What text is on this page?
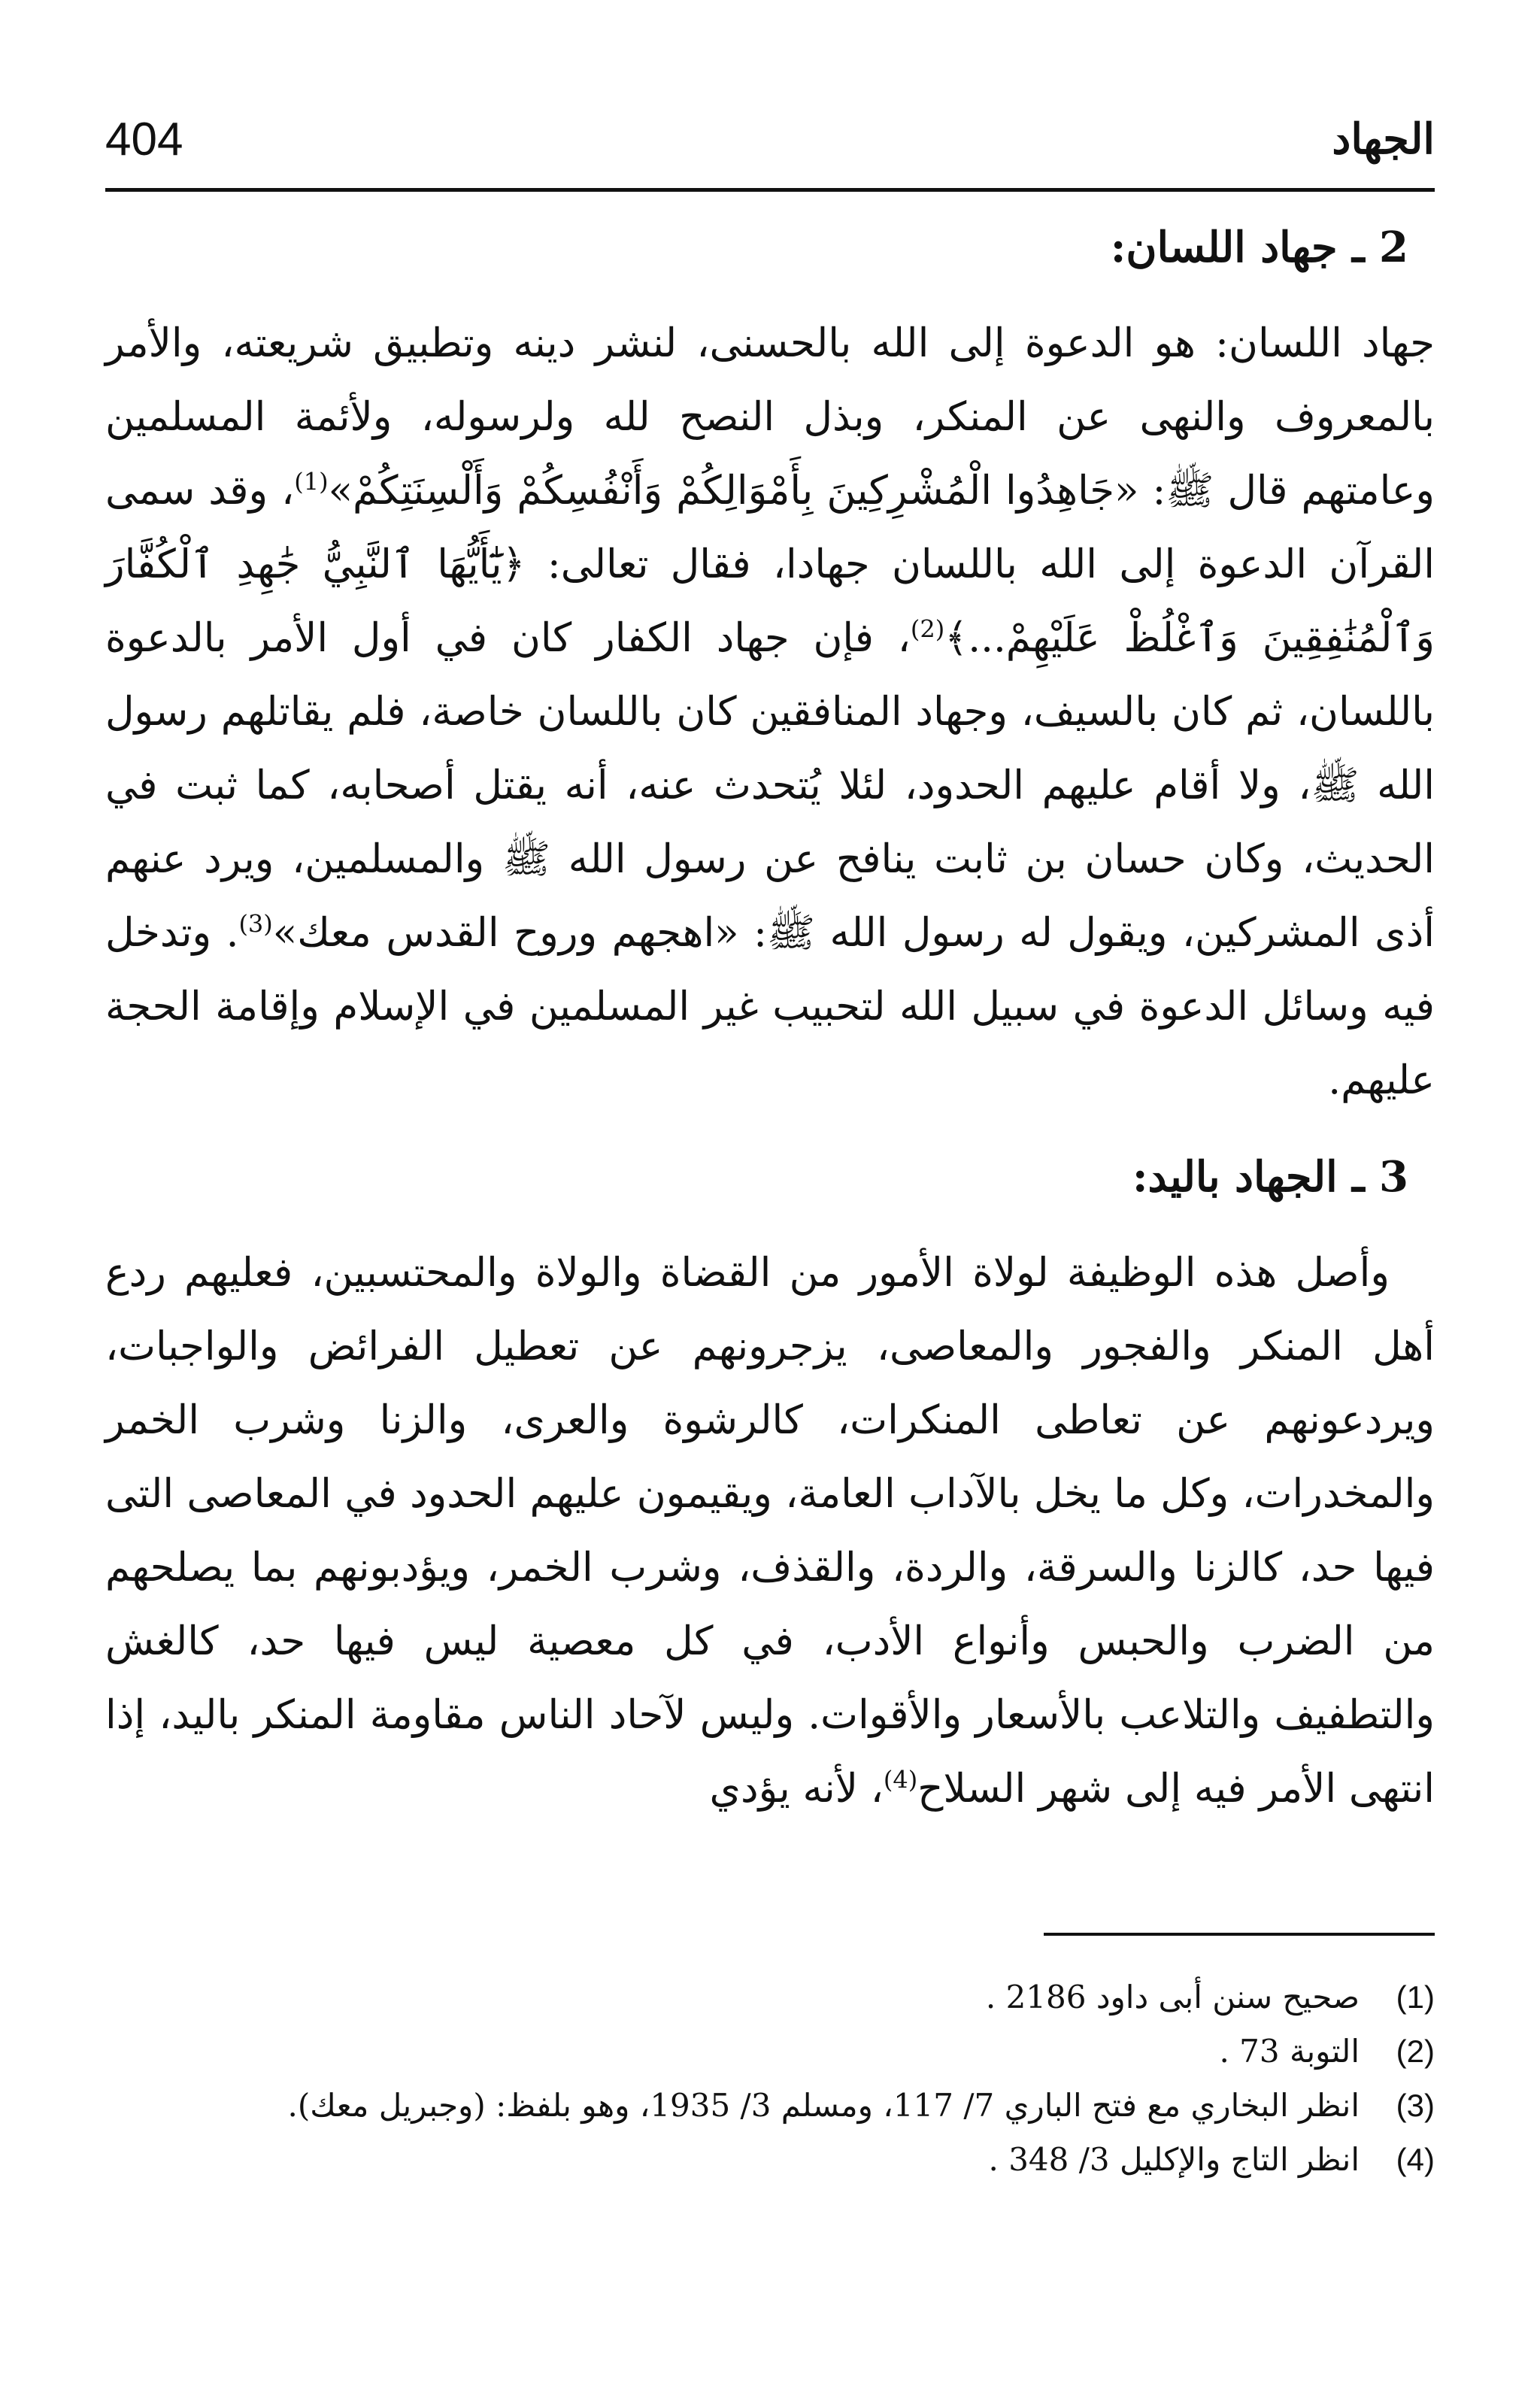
404	الجهاد
2 ـ جهاد اللسان:

جهاد اللسان: هو الدعوة إلى الله بالحسنى، لنشر دينه وتطبيق شريعته، والأمر بالمعروف والنهى عن المنكر، وبذل النصح لله ولرسوله، ولأئمة المسلمين وعامتهم قال ﷺ: «جَاهِدُوا الْمُشْرِكِينَ بِأَمْوَالِكُمْ وَأَنْفُسِكُمْ وَأَلْسِنَتِكُمْ»$^{(1)}$، وقد سمى القرآن الدعوة إلى الله باللسان جهادا، فقال تعالى: ﴿يَٰٓأَيُّهَا ٱلنَّبِيُّ جَٰهِدِ ٱلْكُفَّارَ وَٱلْمُنَٰفِقِينَ وَٱغْلُظْ عَلَيْهِمْ...﴾$^{(2)}$، فإن جهاد الكفار كان في أول الأمر بالدعوة باللسان، ثم كان بالسيف، وجهاد المنافقين كان باللسان خاصة، فلم يقاتلهم رسول الله ﷺ، ولا أقام عليهم الحدود، لئلا يُتحدث عنه، أنه يقتل أصحابه، كما ثبت في الحديث، وكان حسان بن ثابت ينافح عن رسول الله ﷺ والمسلمين، ويرد عنهم أذى المشركين، ويقول له رسول الله ﷺ: «اهجهم وروح القدس معك»$^{(3)}$. وتدخل فيه وسائل الدعوة في سبيل الله لتحبيب غير المسلمين في الإسلام وإقامة الحجة عليهم.

3 ـ الجهاد باليد:

وأصل هذه الوظيفة لولاة الأمور من القضاة والولاة والمحتسبين، فعليهم ردع أهل المنكر والفجور والمعاصى، يزجرونهم عن تعطيل الفرائض والواجبات، ويردعونهم عن تعاطى المنكرات، كالرشوة والعرى، والزنا وشرب الخمر والمخدرات، وكل ما يخل بالآداب العامة، ويقيمون عليهم الحدود في المعاصى التى فيها حد، كالزنا والسرقة، والردة، والقذف، وشرب الخمر، ويؤدبونهم بما يصلحهم من الضرب والحبس وأنواع الأدب، في كل معصية ليس فيها حد، كالغش والتطفيف والتلاعب بالأسعار والأقوات. وليس لآحاد الناس مقاومة المنكر باليد، إذا انتهى الأمر فيه إلى شهر السلاح$^{(4)}$، لأنه يؤدي

(1)
صحيح سنن أبى داود 2186 .
(2)
التوبة 73 .
(3)
انظر البخاري مع فتح الباري 7/ 117، ومسلم 3/ 1935، وهو بلفظ: (وجبريل معك).
(4)
انظر التاج والإكليل 3/ 348 .
